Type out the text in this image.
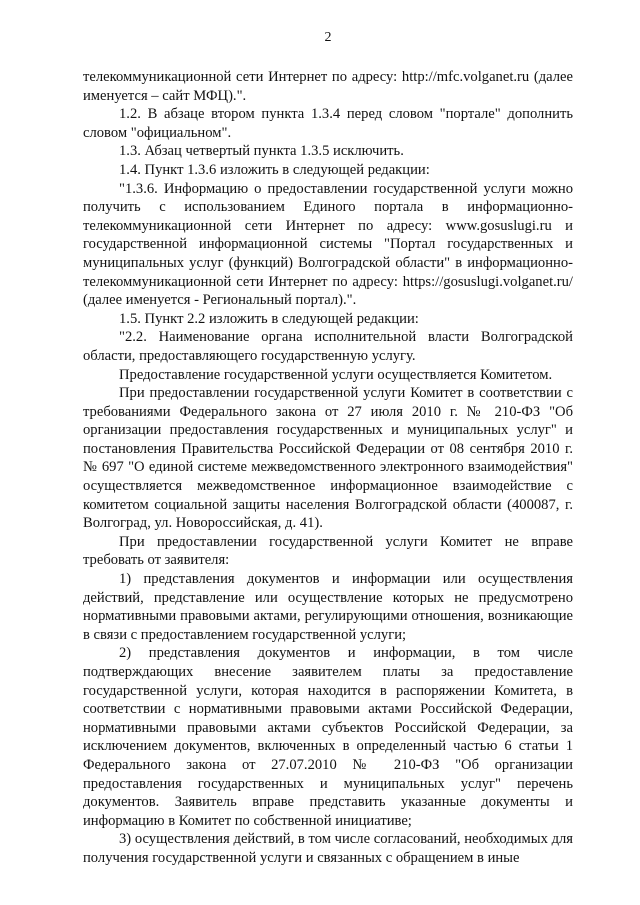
2

телекоммуникационной сети Интернет по адресу: http://mfc.volganet.ru (далее именуется – сайт МФЦ).".

1.2. В абзаце втором пункта 1.3.4 перед словом "портале" дополнить словом "официальном".

1.3. Абзац четвертый пункта 1.3.5 исключить.

1.4. Пункт 1.3.6 изложить в следующей редакции:

"1.3.6. Информацию о предоставлении государственной услуги можно получить с использованием Единого портала в информационно-телекоммуникационной сети Интернет по адресу: www.gosuslugi.ru и государственной информационной системы "Портал государственных и муниципальных услуг (функций) Волгоградской области" в информационно-телекоммуникационной сети Интернет по адресу: https://gosuslugi.volganet.ru/ (далее именуется - Региональный портал).".

1.5. Пункт 2.2 изложить в следующей редакции:

"2.2. Наименование органа исполнительной власти Волгоградской области, предоставляющего государственную услугу.

Предоставление государственной услуги осуществляется Комитетом.

При предоставлении государственной услуги Комитет в соответствии с требованиями Федерального закона от 27 июля 2010 г. № 210-ФЗ "Об организации предоставления государственных и муниципальных услуг" и постановления Правительства Российской Федерации от 08 сентября 2010 г. № 697 "О единой системе межведомственного электронного взаимодействия" осуществляется межведомственное информационное взаимодействие с комитетом социальной защиты населения Волгоградской области (400087, г. Волгоград, ул. Новороссийская, д. 41).

При предоставлении государственной услуги Комитет не вправе требовать от заявителя:

1) представления документов и информации или осуществления действий, представление или осуществление которых не предусмотрено нормативными правовыми актами, регулирующими отношения, возникающие в связи с предоставлением государственной услуги;

2) представления документов и информации, в том числе подтверждающих внесение заявителем платы за предоставление государственной услуги, которая находится в распоряжении Комитета, в соответствии с нормативными правовыми актами Российской Федерации, нормативными правовыми актами субъектов Российской Федерации, за исключением документов, включенных в определенный частью 6 статьи 1 Федерального закона от 27.07.2010 № 210-ФЗ "Об организации предоставления государственных и муниципальных услуг" перечень документов. Заявитель вправе представить указанные документы и информацию в Комитет по собственной инициативе;

3) осуществления действий, в том числе согласований, необходимых для получения государственной услуги и связанных с обращением в иные
